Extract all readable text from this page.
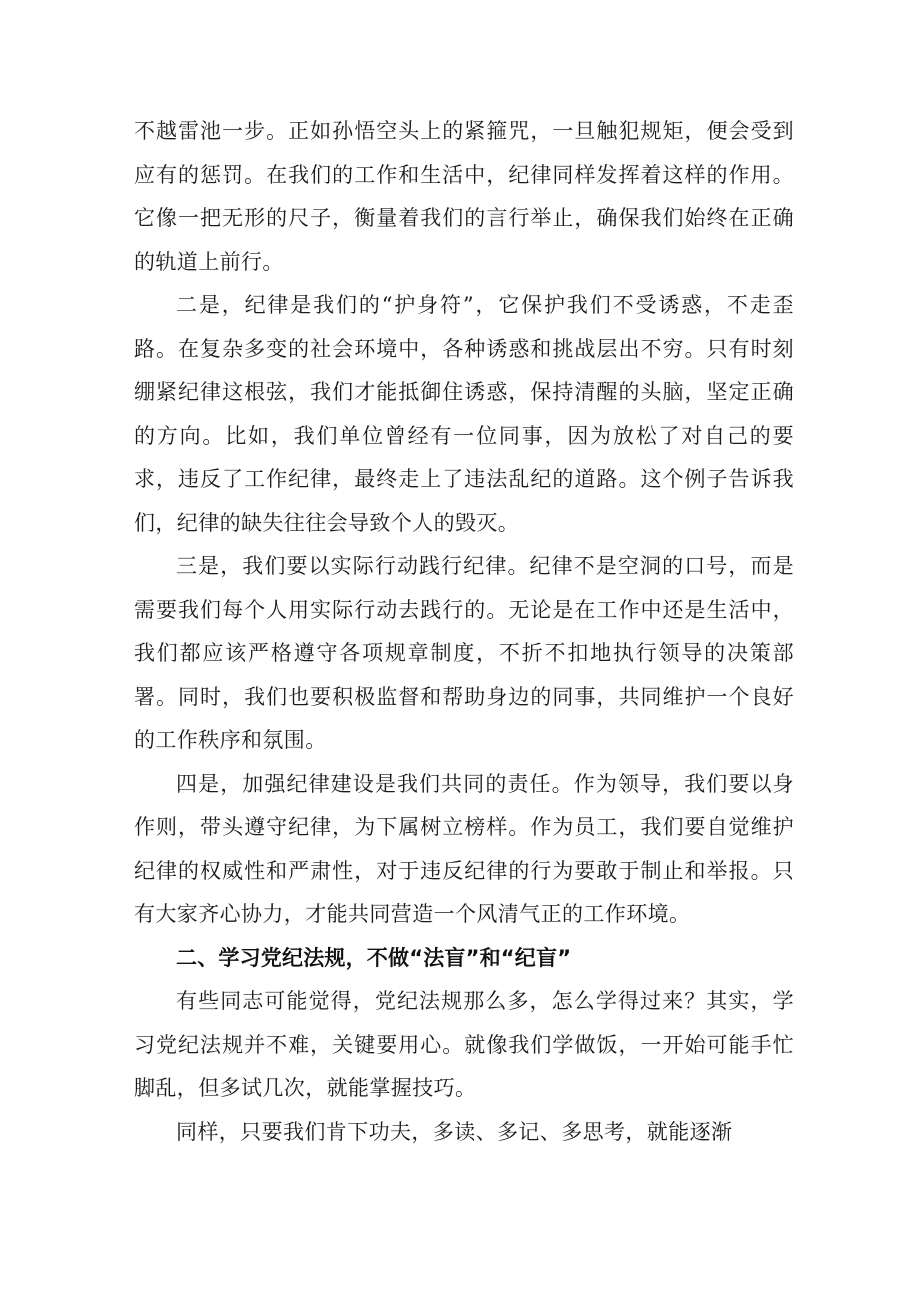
不越雷池一步。正如孙悟空头上的紧箍咒，一旦触犯规矩，便会受到应有的惩罚。在我们的工作和生活中，纪律同样发挥着这样的作用。它像一把无形的尺子，衡量着我们的言行举止，确保我们始终在正确的轨道上前行。

二是，纪律是我们的“护身符”，它保护我们不受诱惑，不走歪路。在复杂多变的社会环境中，各种诱惑和挑战层出不穷。只有时刻绷紧纪律这根弦，我们才能抵御住诱惑，保持清醒的头脑，坚定正确的方向。比如，我们单位曾经有一位同事，因为放松了对自己的要求，违反了工作纪律，最终走上了违法乱纪的道路。这个例子告诉我们，纪律的缺失往往会导致个人的毁灭。

三是，我们要以实际行动践行纪律。纪律不是空洞的口号，而是需要我们每个人用实际行动去践行的。无论是在工作中还是生活中，我们都应该严格遵守各项规章制度，不折不扣地执行领导的决策部署。同时，我们也要积极监督和帮助身边的同事，共同维护一个良好的工作秩序和氛围。

四是，加强纪律建设是我们共同的责任。作为领导，我们要以身作则，带头遵守纪律，为下属树立榜样。作为员工，我们要自觉维护纪律的权威性和严肃性，对于违反纪律的行为要敢于制止和举报。只有大家齐心协力，才能共同营造一个风清气正的工作环境。

二、学习党纪法规，不做“法盲”和“纪盲”

有些同志可能觉得，党纪法规那么多，怎么学得过来？其实，学习党纪法规并不难，关键要用心。就像我们学做饭，一开始可能手忙脚乱，但多试几次，就能掌握技巧。

同样，只要我们肯下功夫，多读、多记、多思考，就能逐渐
